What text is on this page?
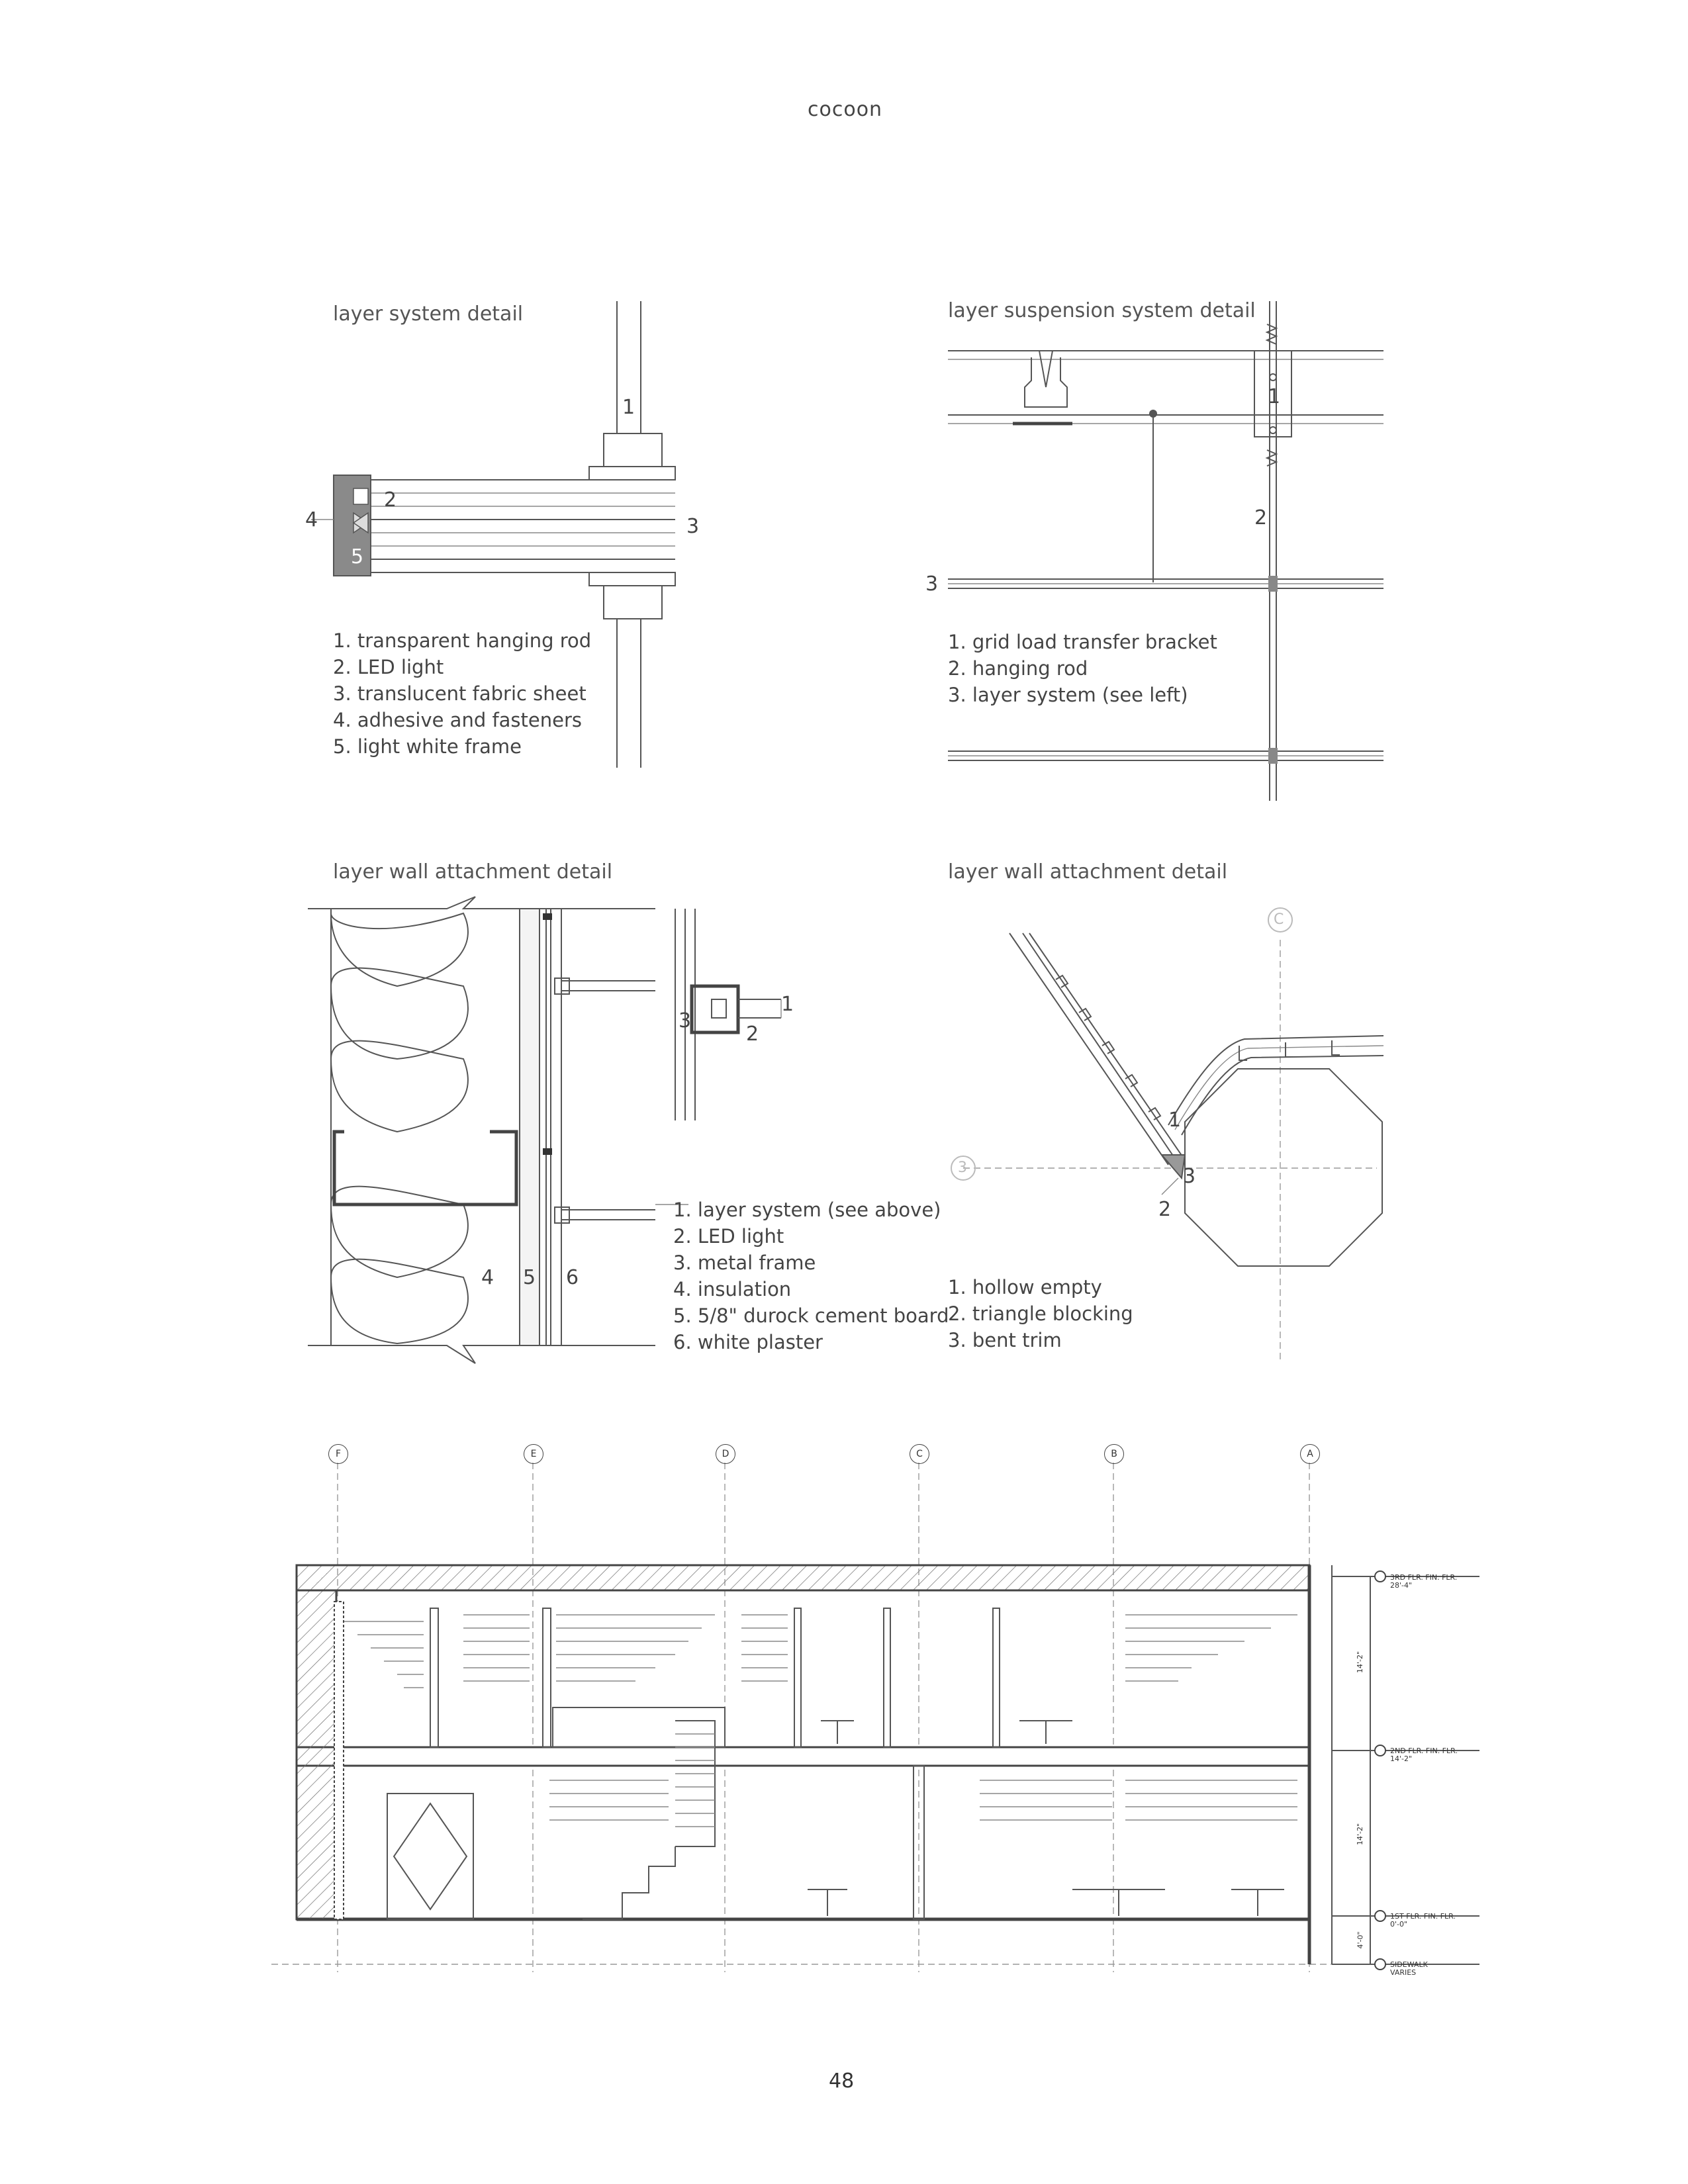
cocoon
layer system detail
1
2
3
4
5
1. transparent hanging rod
2. LED light
3. translucent fabric sheet
4. adhesive and fasteners
5. light white frame
layer suspension system detail
1
2
3
1. grid load transfer bracket
2. hanging rod
3. layer system (see left)
layer wall attachment detail
1
2
3
4 5 6
1. layer system (see above)
2. LED light
3. metal frame
4. insulation
5. 5/8" durock cement board
6. white plaster
layer wall attachment detail
C
3
1
2
3
1. hollow empty
2. triangle blocking
3. bent trim
F	E	D	C	B	A
3RD FLR. FIN. FLR.
28'-4"
2ND FLR. FIN. FLR.
14'-2"
1ST FLR. FIN. FLR.
0'-0"
SIDEWALK
VARIES
14'-2"
14'-2"
4'-0"
48
